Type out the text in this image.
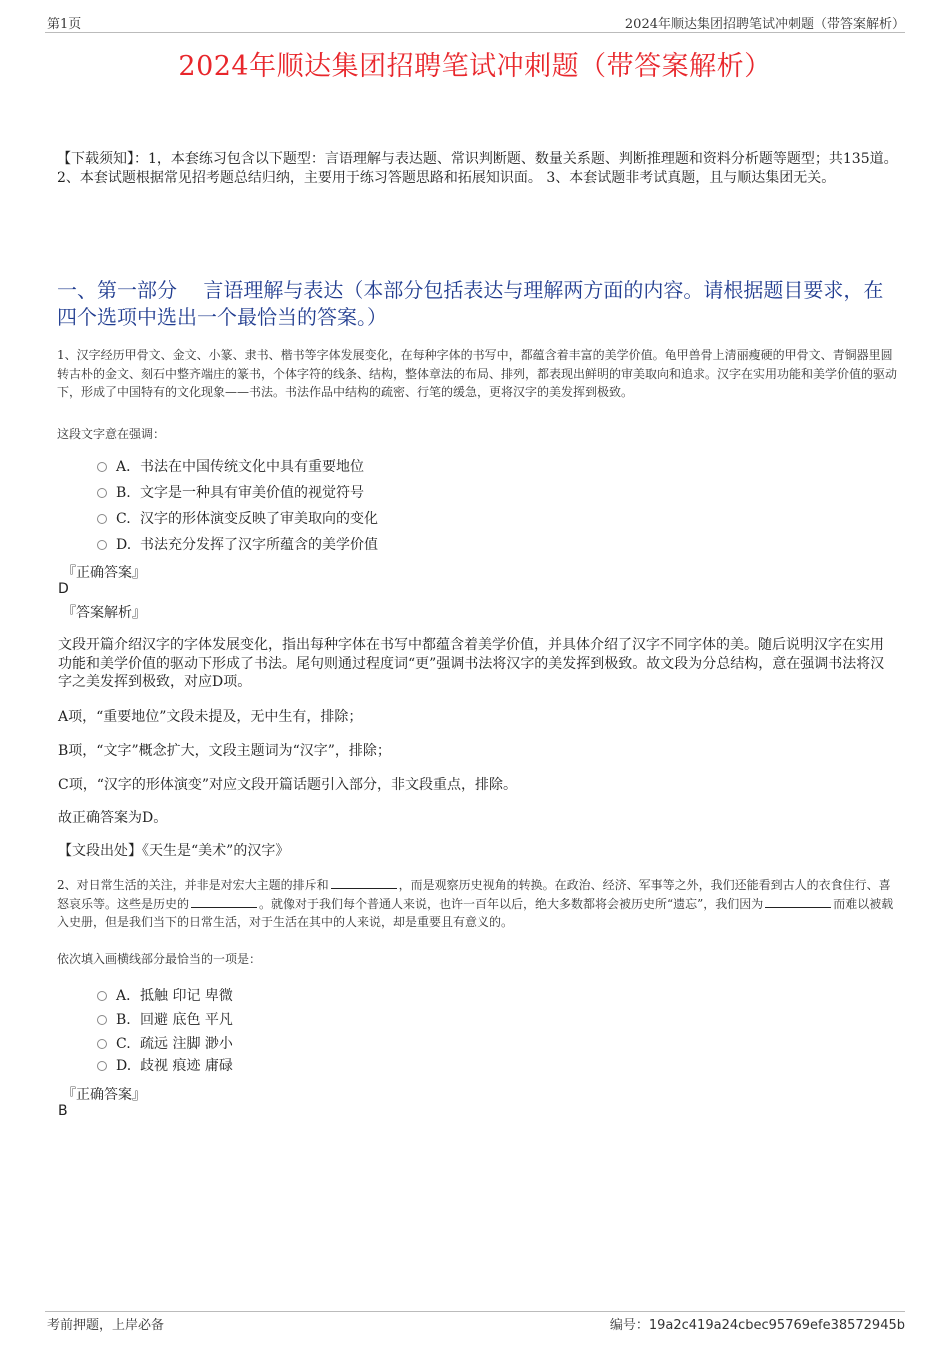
第1页	2024年顺达集团招聘笔试冲刺题（带答案解析）
2024年顺达集团招聘笔试冲刺题（带答案解析）
【下载须知】：1，本套练习包含以下题型：言语理解与表达题、常识判断题、数量关系题、判断推理题和资料分析题等题型；共135道。 2、本套试题根据常见招考题总结归纳，主要用于练习答题思路和拓展知识面。 3、本套试题非考试真题，且与顺达集团无关。
一、第一部分　 言语理解与表达（本部分包括表达与理解两方面的内容。请根据题目要求，在四个选项中选出一个最恰当的答案。）
1、汉字经历甲骨文、金文、小篆、隶书、楷书等字体发展变化，在每种字体的书写中，都蕴含着丰富的美学价值。龟甲兽骨上清丽瘦硬的甲骨文、青铜器里圆转古朴的金文、刻石中整齐端庄的篆书，个体字符的线条、结构，整体章法的布局、排列，都表现出鲜明的审美取向和追求。汉字在实用功能和美学价值的驱动下，形成了中国特有的文化现象——书法。书法作品中结构的疏密、行笔的缓急，更将汉字的美发挥到极致。
这段文字意在强调：
A．书法在中国传统文化中具有重要地位
B. 文字是一种具有审美价值的视觉符号
C. 汉字的形体演变反映了审美取向的变化
D. 书法充分发挥了汉字所蕴含的美学价值
『正确答案』
D
『答案解析』
文段开篇介绍汉字的字体发展变化，指出每种字体在书写中都蕴含着美学价值，并具体介绍了汉字不同字体的美。随后说明汉字在实用功能和美学价值的驱动下形成了书法。尾句则通过程度词“更”强调书法将汉字的美发挥到极致。故文段为分总结构，意在强调书法将汉字之美发挥到极致，对应D项。
A项，“重要地位”文段未提及，无中生有，排除；
B项，“文字”概念扩大，文段主题词为“汉字”，排除；
C项，“汉字的形体演变”对应文段开篇话题引入部分，非文段重点，排除。
故正确答案为D。
【文段出处】《天生是“美术”的汉字》
2、对日常生活的关注，并非是对宏大主题的排斥和	，而是观察历史视角的转换。在政治、经济、军事等之外，我们还能看到古人的衣食住行、喜怒哀乐等。这些是历史的	。就像对于我们每个普通人来说，也许一百年以后，绝大多数都将会被历史所“遗忘”，我们因为	而难以被载入史册，但是我们当下的日常生活，对于生活在其中的人来说，却是重要且有意义的。
依次填入画横线部分最恰当的一项是：
A．抵触 印记 卑微
B. 回避 底色 平凡
C. 疏远 注脚 渺小
D. 歧视 痕迹 庸碌
『正确答案』
B
考前押题，上岸必备	编号：19a2c419a24cbec95769efe38572945b
